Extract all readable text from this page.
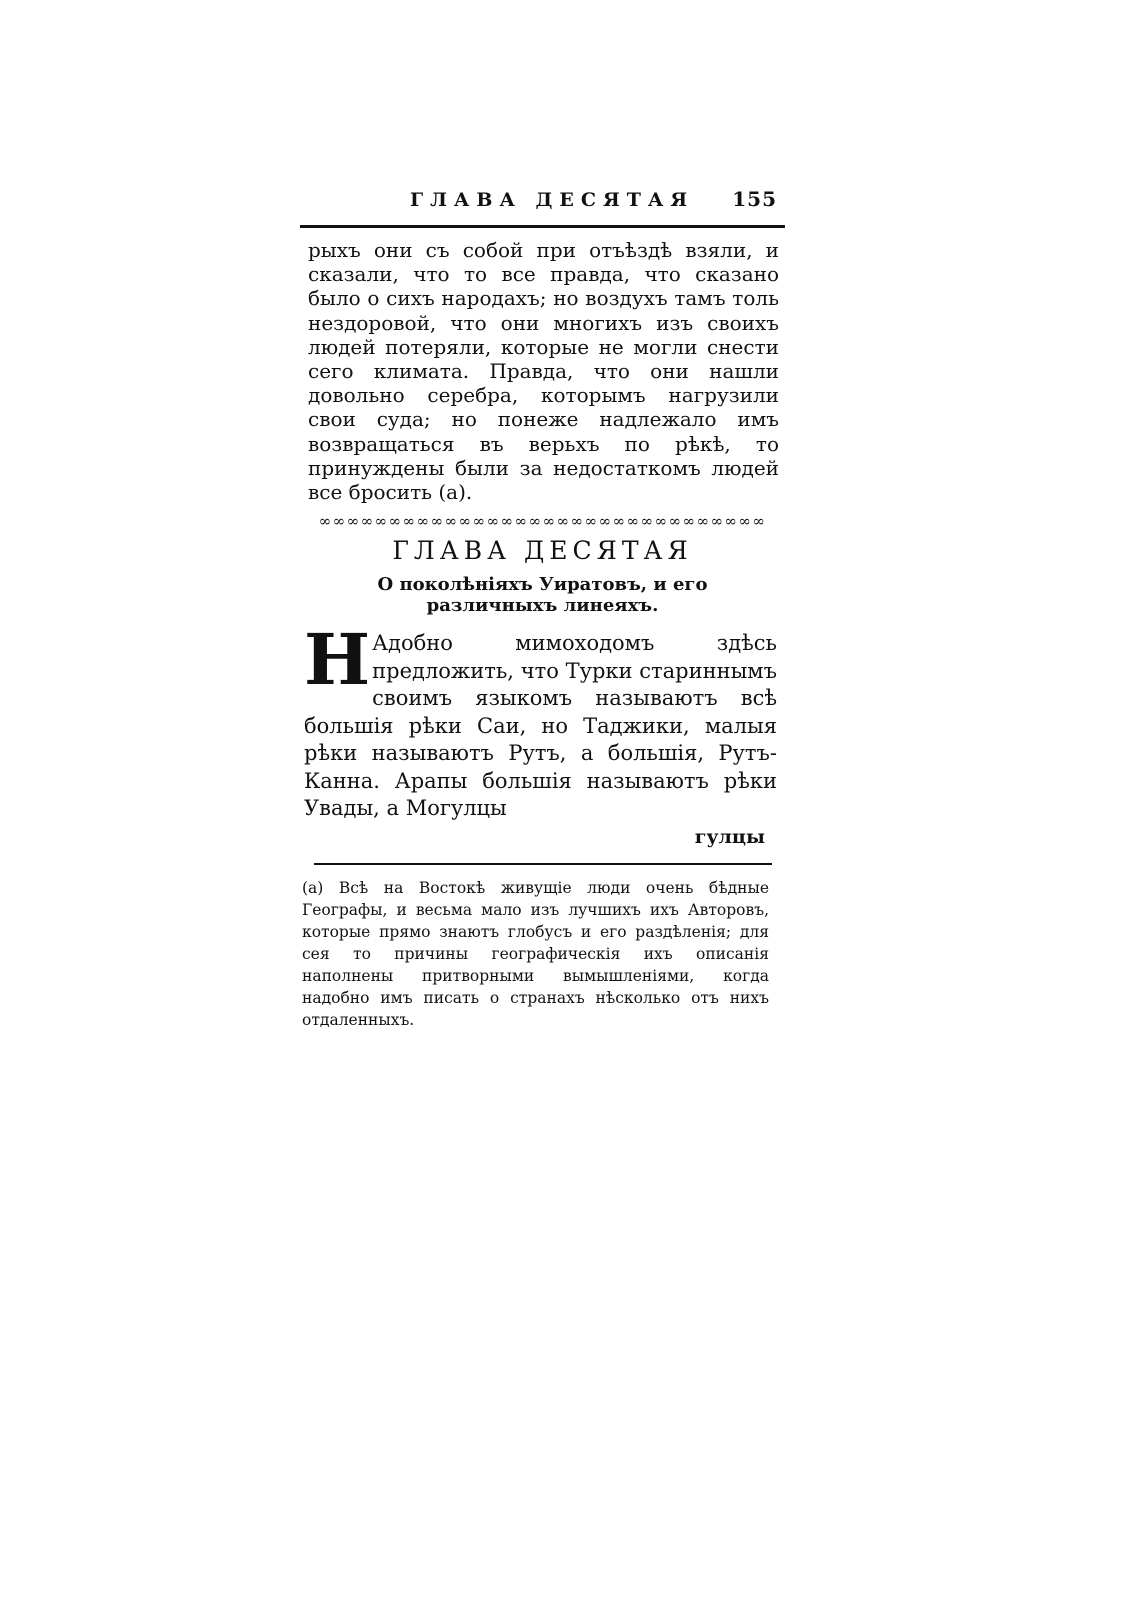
ГЛАВА ДЕСЯТАЯ 155

рыхъ они съ собой при отъѣздѣ взяли, и сказали, что то все правда, что сказано было о сихъ народахъ; но воздухъ тамъ толь нездоровой, что они многихъ изъ своихъ людей потеряли, которые не могли снести сего климата. Правда, что они нашли довольно серебра, которымъ нагрузили свои суда; но понеже надлежало имъ возвращаться въ верьхъ по рѣкѣ, то принуждены были за недостаткомъ людей все бросить (a).

∞∞∞∞∞∞∞∞∞∞∞∞∞∞∞∞∞∞∞∞∞∞∞∞∞∞∞∞∞∞∞∞
ГЛАВА ДЕСЯТАЯ
О поколѣніяхъ Уиратовъ, и его различныхъ линеяхъ.

Н Адобно мимоходомъ здѣсь предложить, что Турки стариннымъ своимъ языкомъ называютъ всѣ большія рѣки Саи, но Таджики, малыя рѣки называютъ Рутъ, а большія, Рутъ-Канна. Арапы большія называютъ рѣки Увады, а Могулцы

гулцы

(a) Всѣ на Востокѣ живущіе люди очень бѣдные Географы, и весьма мало изъ лучшихъ ихъ Авторовъ, которые прямо знаютъ глобусъ и его раздѣленія; для сея то причины географическія ихъ описанія наполнены притворными вымышленіями, когда надобно имъ писать о странахъ нѣсколько отъ нихъ отдаленныхъ.
